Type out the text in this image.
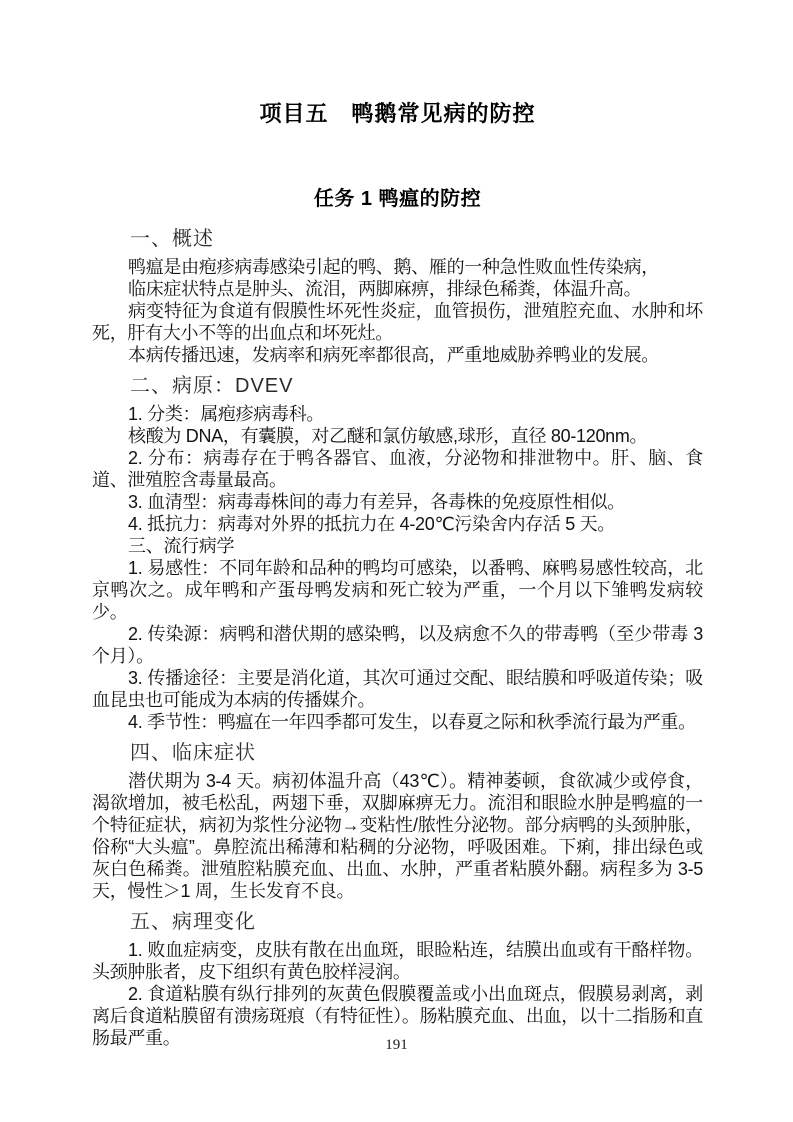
项目五　鸭鹅常见病的防控
任务 1 鸭瘟的防控

一、概述

鸭瘟是由疱疹病毒感染引起的鸭、鹅、雁的一种急性败血性传染病，

临床症状特点是肿头、流泪，两脚麻痹，排绿色稀粪，体温升高。

病变特征为食道有假膜性坏死性炎症，血管损伤，泄殖腔充血、水肿和坏死，肝有大小不等的出血点和坏死灶。

本病传播迅速，发病率和病死率都很高，严重地威胁养鸭业的发展。

二、病原：DVEV

1. 分类：属疱疹病毒科。

核酸为 DNA，有囊膜，对乙醚和氯仿敏感,球形，直径 80-120nm。

2. 分布：病毒存在于鸭各器官、血液，分泌物和排泄物中。肝、脑、食道、泄殖腔含毒量最高。

3. 血清型：病毒毒株间的毒力有差异，各毒株的免疫原性相似。

4. 抵抗力：病毒对外界的抵抗力在 4-20℃污染舍内存活 5 天。

三、流行病学

1. 易感性：不同年龄和品种的鸭均可感染，以番鸭、麻鸭易感性较高，北京鸭次之。成年鸭和产蛋母鸭发病和死亡较为严重，一个月以下雏鸭发病较少。

2. 传染源：病鸭和潜伏期的感染鸭，以及病愈不久的带毒鸭（至少带毒 3 个月）。

3. 传播途径：主要是消化道，其次可通过交配、眼结膜和呼吸道传染；吸血昆虫也可能成为本病的传播媒介。

4. 季节性：鸭瘟在一年四季都可发生，以春夏之际和秋季流行最为严重。

四、临床症状

潜伏期为 3-4 天。病初体温升高（43℃）。精神萎顿，食欲减少或停食，渴欲增加，被毛松乱，两翅下垂，双脚麻痹无力。流泪和眼睑水肿是鸭瘟的一个特征症状，病初为浆性分泌物→变粘性/脓性分泌物。部分病鸭的头颈肿胀，俗称“大头瘟”。鼻腔流出稀薄和粘稠的分泌物，呼吸困难。下痢，排出绿色或灰白色稀粪。泄殖腔粘膜充血、出血、水肿，严重者粘膜外翻。病程多为 3-5 天，慢性＞1 周，生长发育不良。

五、病理变化

1. 败血症病变，皮肤有散在出血斑，眼睑粘连，结膜出血或有干酪样物。头颈肿胀者，皮下组织有黄色胶样浸润。

2. 食道粘膜有纵行排列的灰黄色假膜覆盖或小出血斑点，假膜易剥离，剥离后食道粘膜留有溃疡斑痕（有特征性）。肠粘膜充血、出血，以十二指肠和直肠最严重。	191
